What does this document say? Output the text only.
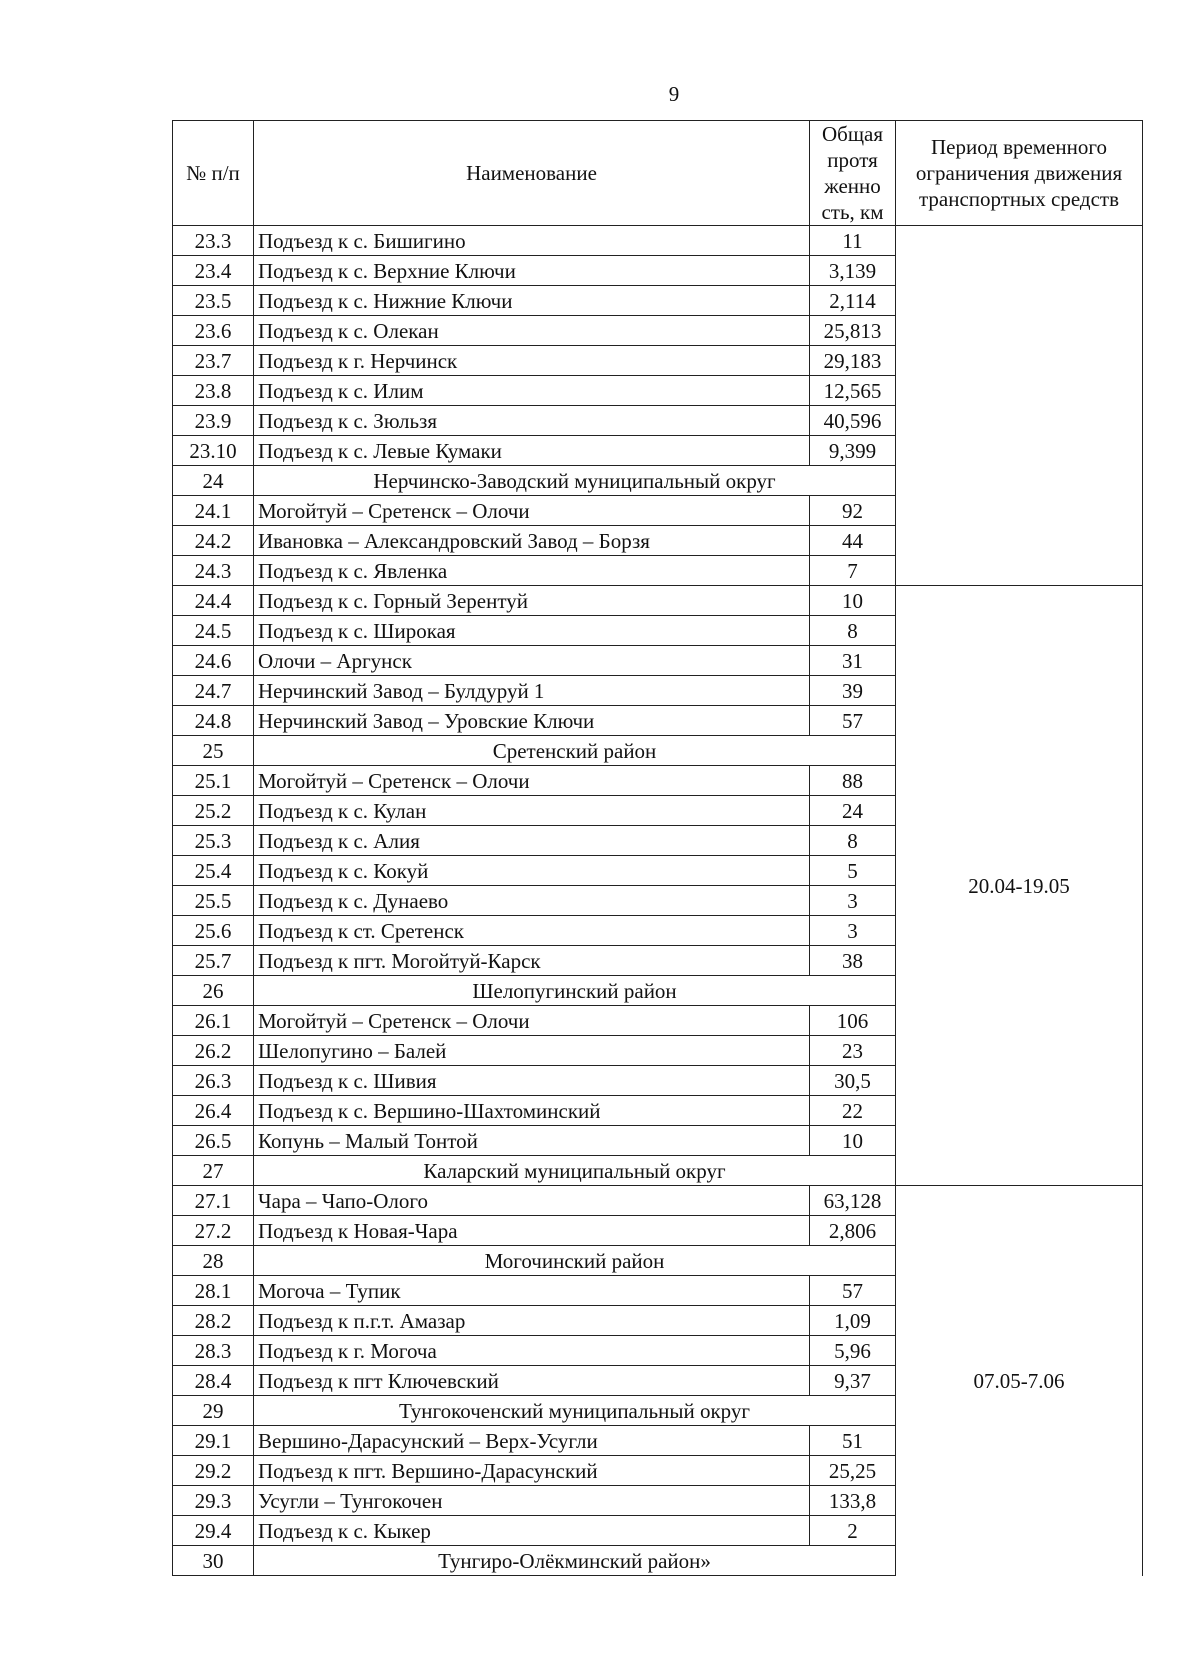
9
№ п/п	Наименование	Общая протя женно сть, км	Период временного ограничения движения транспортных средств
23.3	Подъезд к с. Бишигино	11	
23.4	Подъезд к с. Верхние Ключи	3,139	
23.5	Подъезд к с. Нижние Ключи	2,114	
23.6	Подъезд к с. Олекан	25,813	
23.7	Подъезд к г. Нерчинск	29,183	
23.8	Подъезд к с. Илим	12,565	
23.9	Подъезд к с. Зюльзя	40,596	
23.10	Подъезд к с. Левые Кумаки	9,399	
24	Нерчинско-Заводский муниципальный округ		
24.1	Могойтуй – Сретенск – Олочи	92	
24.2	Ивановка – Александровский Завод – Борзя	44	
24.3	Подъезд к с. Явленка	7	
24.4	Подъезд к с. Горный Зерентуй	10	20.04-19.05
24.5	Подъезд к с. Широкая	8	
24.6	Олочи – Аргунск	31	
24.7	Нерчинский Завод – Булдуруй 1	39	
24.8	Нерчинский Завод – Уровские Ключи	57	
25	Сретенский район		
25.1	Могойтуй – Сретенск – Олочи	88	
25.2	Подъезд к с. Кулан	24	
25.3	Подъезд к с. Алия	8	
25.4	Подъезд к с. Кокуй	5	
25.5	Подъезд к с. Дунаево	3	
25.6	Подъезд к ст. Сретенск	3	
25.7	Подъезд к пгт. Могойтуй-Карск	38	
26	Шелопугинский район		
26.1	Могойтуй – Сретенск – Олочи	106	
26.2	Шелопугино – Балей	23	
26.3	Подъезд к с. Шивия	30,5	
26.4	Подъезд к с. Вершино-Шахтоминский	22	
26.5	Копунь – Малый Тонтой	10	
27	Каларский муниципальный округ		
27.1	Чара – Чапо-Олого	63,128	07.05-7.06
27.2	Подъезд к Новая-Чара	2,806	
28	Могочинский район		
28.1	Могоча – Тупик	57	
28.2	Подъезд к п.г.т. Амазар	1,09	
28.3	Подъезд к г. Могоча	5,96	
28.4	Подъезд к пгт Ключевский	9,37	
29	Тунгокоченский муниципальный округ		
29.1	Вершино-Дарасунский – Верх-Усугли	51	
29.2	Подъезд к пгт. Вершино-Дарасунский	25,25	
29.3	Усугли – Тунгокочен	133,8	
29.4	Подъезд к с. Кыкер	2	
30	Тунгиро-Олёкминский район»		
